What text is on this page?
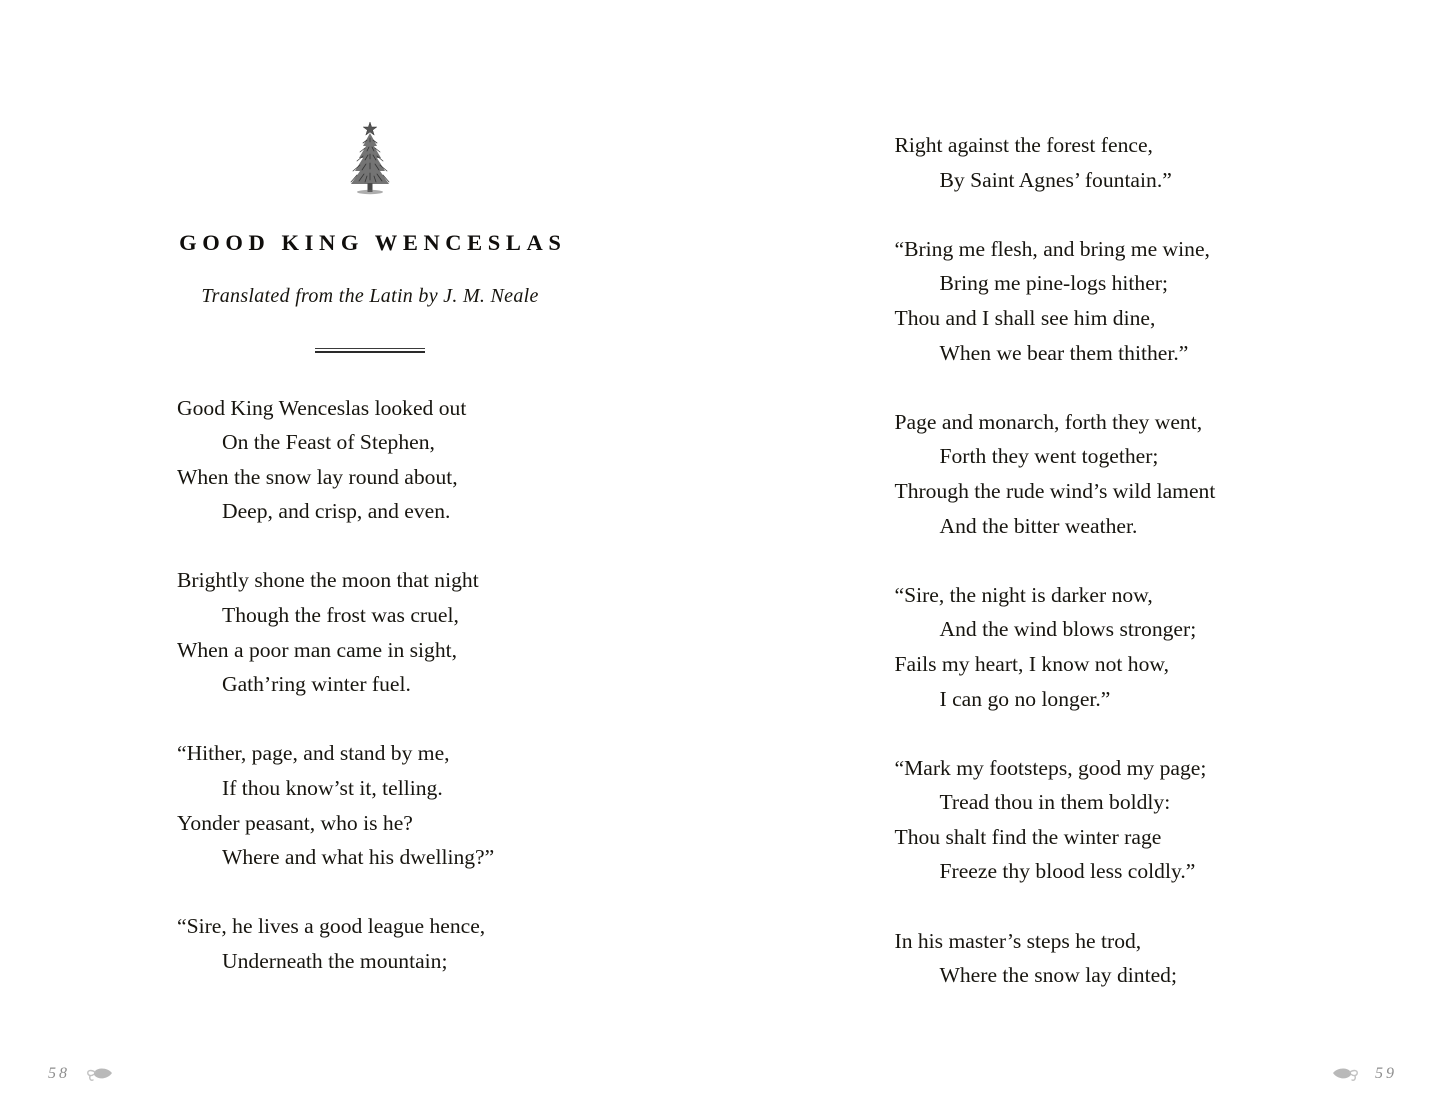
GOOD KING WENCESLAS
Translated from the Latin by J. M. Neale
Good King Wenceslas looked out
On the Feast of Stephen,
When the snow lay round about,
Deep, and crisp, and even.
Brightly shone the moon that night
Though the frost was cruel,
When a poor man came in sight,
Gath’ring winter fuel.
“Hither, page, and stand by me,
If thou know’st it, telling.
Yonder peasant, who is he?
Where and what his dwelling?”
“Sire, he lives a good league hence,
Underneath the mountain;
58
Right against the forest fence,
By Saint Agnes’ fountain.”
“Bring me flesh, and bring me wine,
Bring me pine-logs hither;
Thou and I shall see him dine,
When we bear them thither.”
Page and monarch, forth they went,
Forth they went together;
Through the rude wind’s wild lament
And the bitter weather.
“Sire, the night is darker now,
And the wind blows stronger;
Fails my heart, I know not how,
I can go no longer.”
“Mark my footsteps, good my page;
Tread thou in them boldly:
Thou shalt find the winter rage
Freeze thy blood less coldly.”
In his master’s steps he trod,
Where the snow lay dinted;
59
